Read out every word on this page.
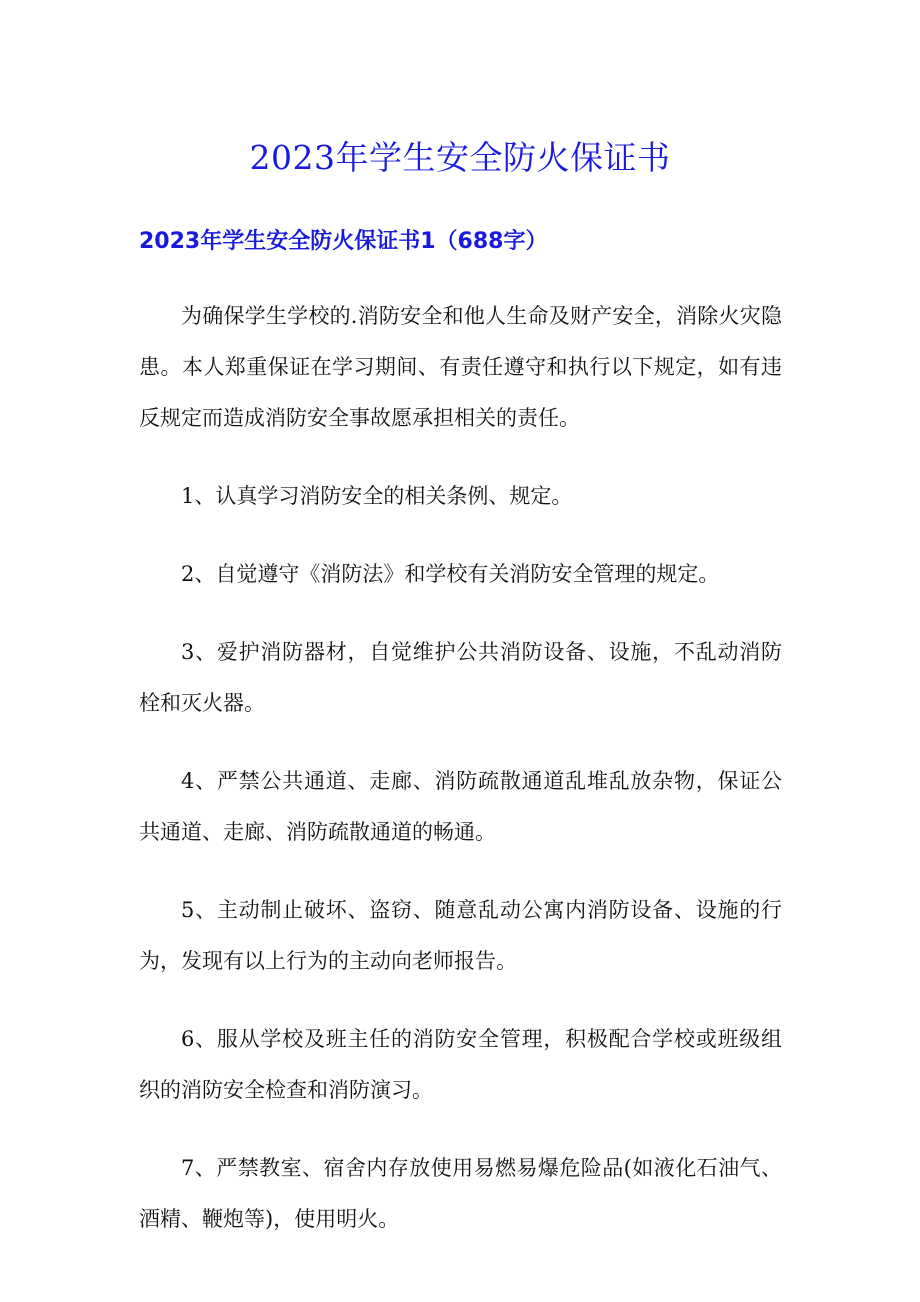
2023年学生安全防火保证书
2023年学生安全防火保证书1（688字）

为确保学生学校的.消防安全和他人生命及财产安全，消除火灾隐患。本人郑重保证在学习期间、有责任遵守和执行以下规定，如有违反规定而造成消防安全事故愿承担相关的责任。

1、认真学习消防安全的相关条例、规定。

2、自觉遵守《消防法》和学校有关消防安全管理的规定。

3、爱护消防器材，自觉维护公共消防设备、设施，不乱动消防栓和灭火器。

4、严禁公共通道、走廊、消防疏散通道乱堆乱放杂物，保证公共通道、走廊、消防疏散通道的畅通。

5、主动制止破坏、盗窃、随意乱动公寓内消防设备、设施的行为，发现有以上行为的主动向老师报告。

6、服从学校及班主任的消防安全管理，积极配合学校或班级组织的消防安全检查和消防演习。

7、严禁教室、宿舍内存放使用易燃易爆危险品(如液化石油气、酒精、鞭炮等)，使用明火。
